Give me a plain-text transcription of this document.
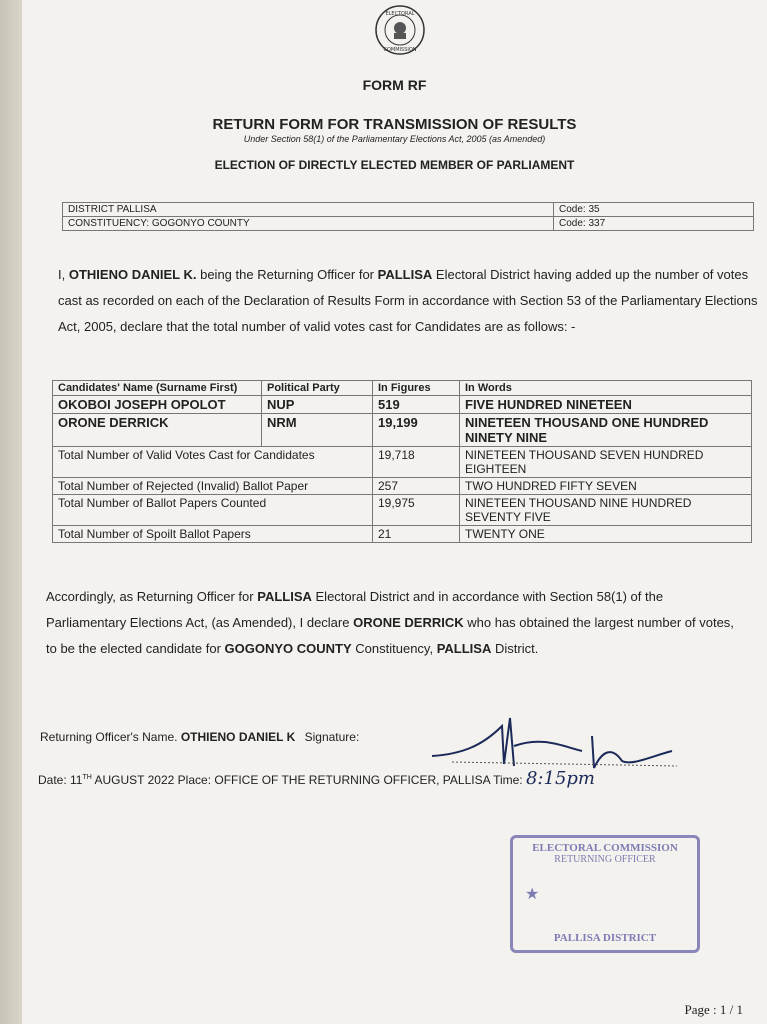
ELECTORAL
COMMISSION
FORM RF
RETURN FORM FOR TRANSMISSION OF RESULTS
Under Section 58(1) of the Parliamentary Elections Act, 2005 (as Amended)
ELECTION OF DIRECTLY ELECTED MEMBER OF PARLIAMENT
DISTRICT PALLISA	Code: 35
CONSTITUENCY: GOGONYO COUNTY	Code: 337
I, OTHIENO DANIEL K. being the Returning Officer for PALLISA Electoral District having added up the number of votes cast as recorded on each of the Declaration of Results Form in accordance with Section 53 of the Parliamentary Elections Act, 2005, declare that the total number of valid votes cast for Candidates are as follows: -
Candidates' Name (Surname First)	Political Party	In Figures	In Words
OKOBOI JOSEPH OPOLOT	NUP	519	FIVE HUNDRED NINETEEN
ORONE DERRICK	NRM	19,199	NINETEEN THOUSAND ONE HUNDRED NINETY NINE
Total Number of Valid Votes Cast for Candidates		19,718	NINETEEN THOUSAND SEVEN HUNDRED EIGHTEEN
Total Number of Rejected (Invalid) Ballot Paper		257	TWO HUNDRED FIFTY SEVEN
Total Number of Ballot Papers Counted		19,975	NINETEEN THOUSAND NINE HUNDRED SEVENTY FIVE
Total Number of Spoilt Ballot Papers		21	TWENTY ONE
Accordingly, as Returning Officer for PALLISA Electoral District and in accordance with Section 58(1) of the Parliamentary Elections Act, (as Amended), I declare ORONE DERRICK who has obtained the largest number of votes, to be the elected candidate for GOGONYO COUNTY Constituency, PALLISA District.
Returning Officer's Name. OTHIENO DANIEL K Signature:
Date: 11TH AUGUST 2022 Place: OFFICE OF THE RETURNING OFFICER, PALLISA Time: 8:15pm
ELECTORAL COMMISSION
RETURNING OFFICER
★
PALLISA DISTRICT
Page : 1 / 1
